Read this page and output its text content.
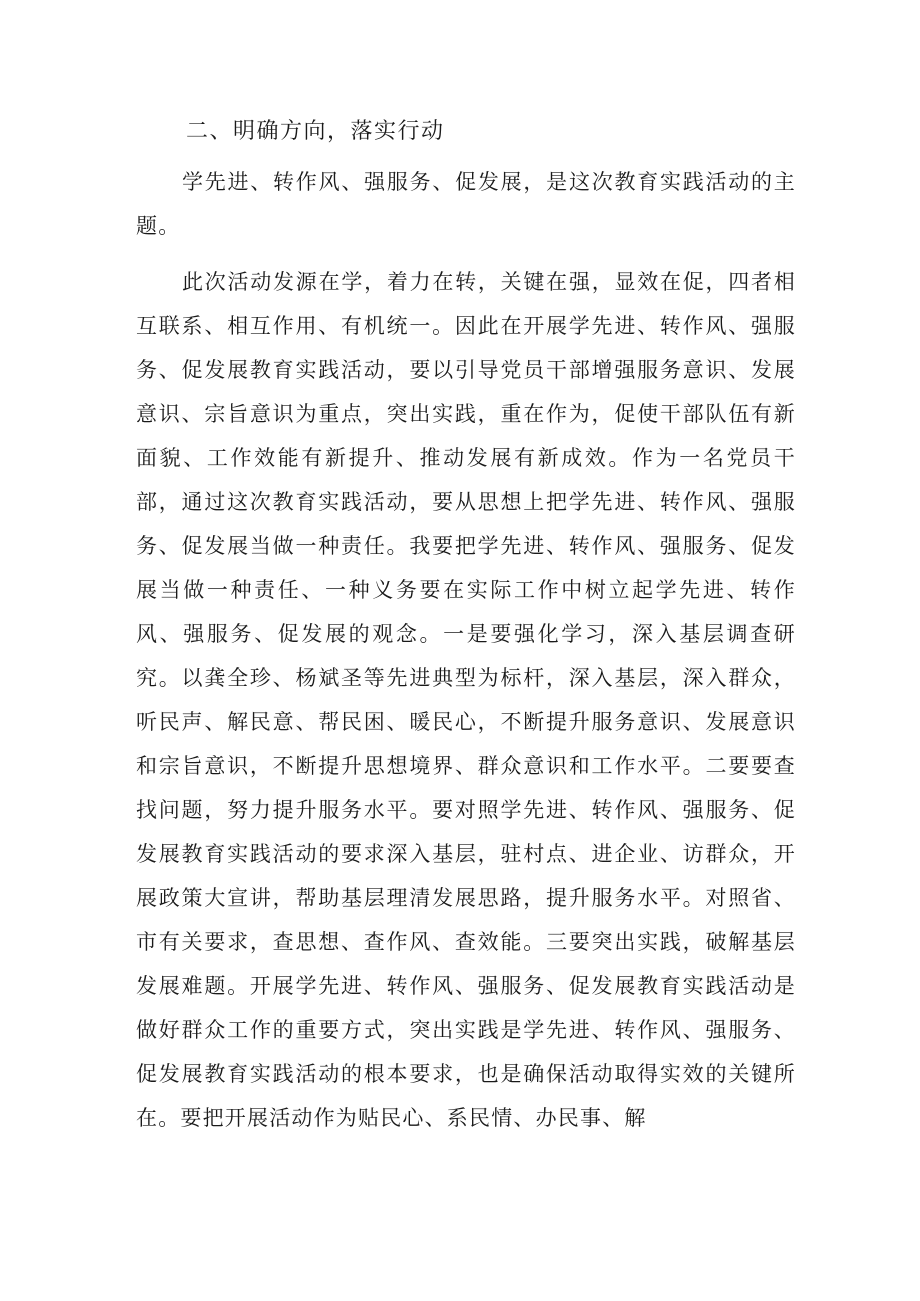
二、明确方向，落实行动

学先进、转作风、强服务、促发展，是这次教育实践活动的主题。

此次活动发源在学，着力在转，关键在强，显效在促，四者相互联系、相互作用、有机统一。因此在开展学先进、转作风、强服务、促发展教育实践活动，要以引导党员干部增强服务意识、发展意识、宗旨意识为重点，突出实践，重在作为，促使干部队伍有新面貌、工作效能有新提升、推动发展有新成效。作为一名党员干部，通过这次教育实践活动，要从思想上把学先进、转作风、强服务、促发展当做一种责任。我要把学先进、转作风、强服务、促发展当做一种责任、一种义务要在实际工作中树立起学先进、转作风、强服务、促发展的观念。一是要强化学习，深入基层调查研究。以龚全珍、杨斌圣等先进典型为标杆，深入基层，深入群众，听民声、解民意、帮民困、暖民心，不断提升服务意识、发展意识和宗旨意识，不断提升思想境界、群众意识和工作水平。二要要查找问题，努力提升服务水平。要对照学先进、转作风、强服务、促发展教育实践活动的要求深入基层，驻村点、进企业、访群众，开展政策大宣讲，帮助基层理清发展思路，提升服务水平。对照省、市有关要求，查思想、查作风、查效能。三要突出实践，破解基层发展难题。开展学先进、转作风、强服务、促发展教育实践活动是做好群众工作的重要方式，突出实践是学先进、转作风、强服务、促发展教育实践活动的根本要求，也是确保活动取得实效的关键所在。要把开展活动作为贴民心、系民情、办民事、解
